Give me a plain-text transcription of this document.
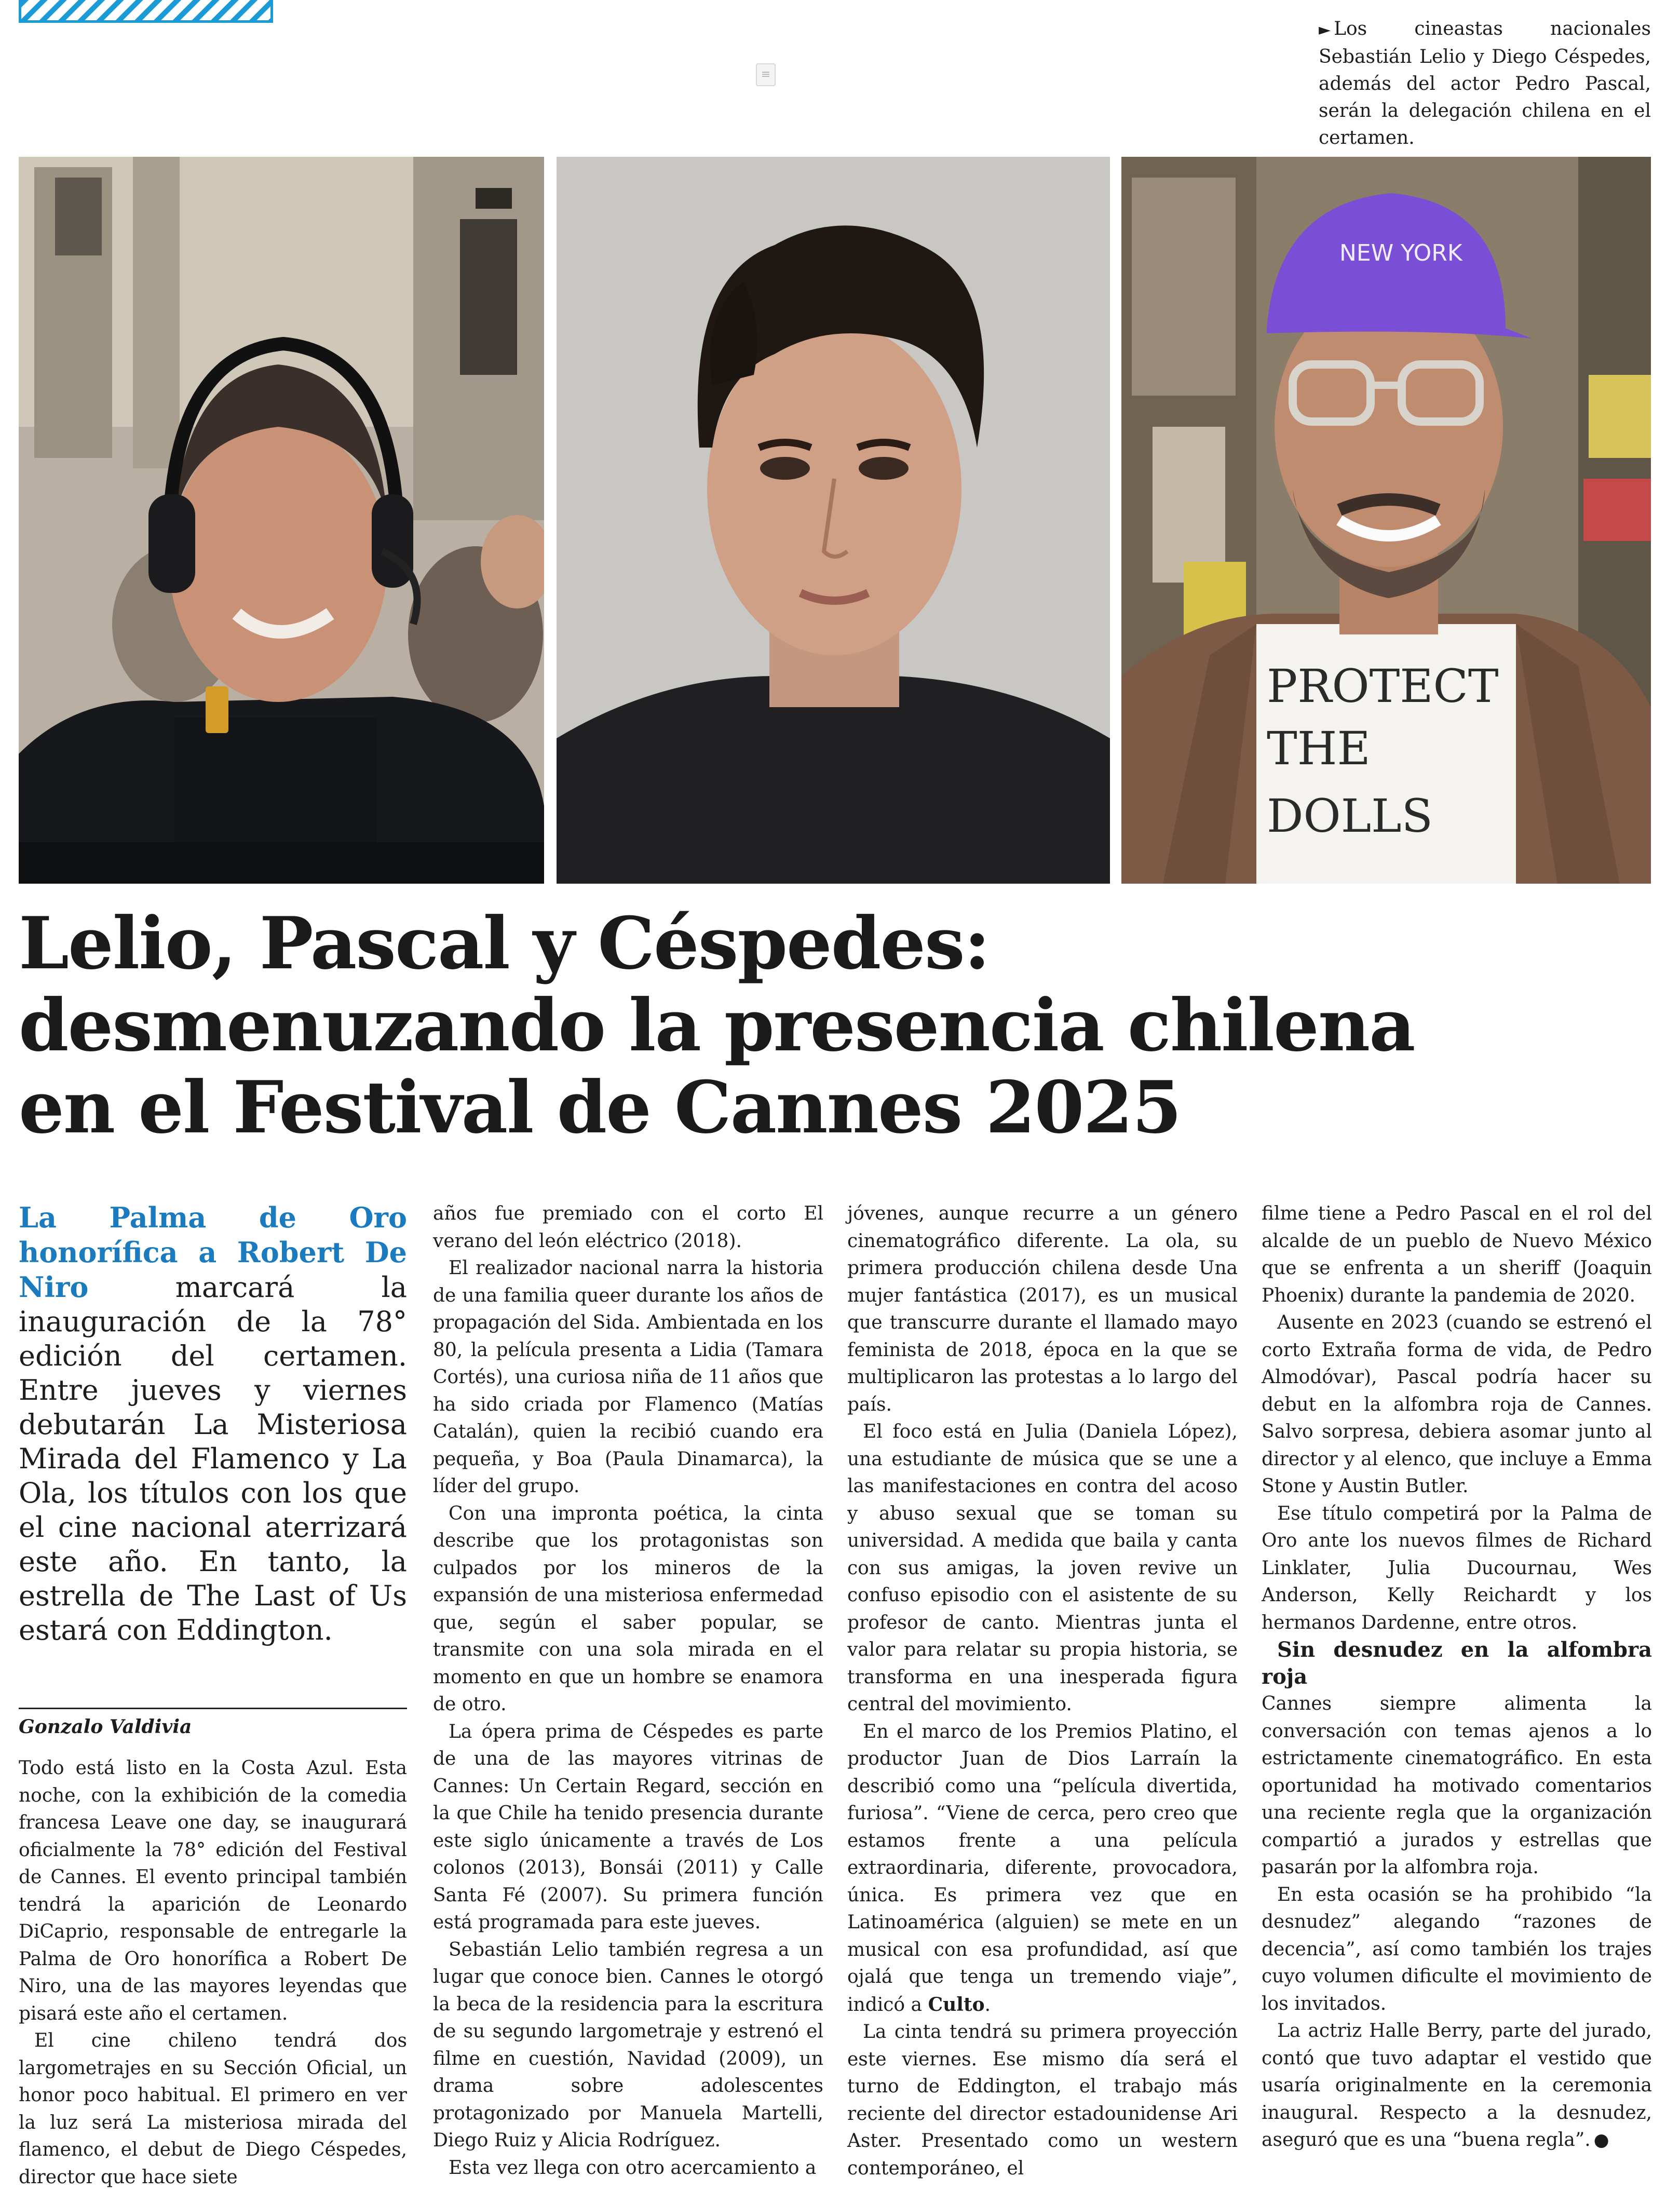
≡
► Los cineastas nacionales Sebastián Lelio y Diego Céspedes, además del actor Pedro Pascal, serán la delegación chilena en el certamen.
PROTECT
THE
DOLLS
NEW YORK
Lelio, Pascal y Céspedes:
desmenuzando la presencia chilena
en el Festival de Cannes 2025

La Palma de Oro honorífica a Robert De Niro marcará la inauguración de la 78° edición del certamen. Entre jueves y viernes debutarán La Misteriosa Mirada del Flamenco y La Ola, los títulos con los que el cine nacional aterrizará este año. En tanto, la estrella de The Last of Us estará con Eddington.

Gonzalo Valdivia

Todo está listo en la Costa Azul. Esta noche, con la exhibición de la comedia francesa Leave one day, se inaugurará oficialmente la 78° edición del Festival de Cannes. El evento principal también tendrá la aparición de Leonardo DiCaprio, responsable de entregarle la Palma de Oro honorífica a Robert De Niro, una de las mayores leyendas que pisará este año el certamen.

El cine chileno tendrá dos largometrajes en su Sección Oficial, un honor poco habitual. El primero en ver la luz será La misteriosa mirada del flamenco, el debut de Diego Céspedes, director que hace siete

años fue premiado con el corto El verano del león eléctrico (2018).

El realizador nacional narra la historia de una familia queer durante los años de propagación del Sida. Ambientada en los 80, la película presenta a Lidia (Tamara Cortés), una curiosa niña de 11 años que ha sido criada por Flamenco (Matías Catalán), quien la recibió cuando era pequeña, y Boa (Paula Dinamarca), la líder del grupo.

Con una impronta poética, la cinta describe que los protagonistas son culpados por los mineros de la expansión de una misteriosa enfermedad que, según el saber popular, se transmite con una sola mirada en el momento en que un hombre se enamora de otro.

La ópera prima de Céspedes es parte de una de las mayores vitrinas de Cannes: Un Certain Regard, sección en la que Chile ha tenido presencia durante este siglo únicamente a través de Los colonos (2013), Bonsái (2011) y Calle Santa Fé (2007). Su primera función está programada para este jueves.

Sebastián Lelio también regresa a un lugar que conoce bien. Cannes le otorgó la beca de la residencia para la escritura de su segundo largometraje y estrenó el filme en cuestión, Navidad (2009), un drama sobre adolescentes protagonizado por Manuela Martelli, Diego Ruiz y Alicia Rodríguez.

Esta vez llega con otro acercamiento a

jóvenes, aunque recurre a un género cinematográfico diferente. La ola, su primera producción chilena desde Una mujer fantástica (2017), es un musical que transcurre durante el llamado mayo feminista de 2018, época en la que se multiplicaron las protestas a lo largo del país.

El foco está en Julia (Daniela López), una estudiante de música que se une a las manifestaciones en contra del acoso y abuso sexual que se toman su universidad. A medida que baila y canta con sus amigas, la joven revive un confuso episodio con el asistente de su profesor de canto. Mientras junta el valor para relatar su propia historia, se transforma en una inesperada figura central del movimiento.

En el marco de los Premios Platino, el productor Juan de Dios Larraín la describió como una “película divertida, furiosa”. “Viene de cerca, pero creo que estamos frente a una película extraordinaria, diferente, provocadora, única. Es primera vez que en Latinoamérica (alguien) se mete en un musical con esa profundidad, así que ojalá que tenga un tremendo viaje”, indicó a Culto.

La cinta tendrá su primera proyección este viernes. Ese mismo día será el turno de Eddington, el trabajo más reciente del director estadounidense Ari Aster. Presentado como un western contemporáneo, el

filme tiene a Pedro Pascal en el rol del alcalde de un pueblo de Nuevo México que se enfrenta a un sheriff (Joaquin Phoenix) durante la pandemia de 2020.

Ausente en 2023 (cuando se estrenó el corto Extraña forma de vida, de Pedro Almodóvar), Pascal podría hacer su debut en la alfombra roja de Cannes. Salvo sorpresa, debiera asomar junto al director y al elenco, que incluye a Emma Stone y Austin Butler.

Ese título competirá por la Palma de Oro ante los nuevos filmes de Richard Linklater, Julia Ducournau, Wes Anderson, Kelly Reichardt y los hermanos Dardenne, entre otros.

Sin desnudez en la alfombra roja

Cannes siempre alimenta la conversación con temas ajenos a lo estrictamente cinematográfico. En esta oportunidad ha motivado comentarios una reciente regla que la organización compartió a jurados y estrellas que pasarán por la alfombra roja.

En esta ocasión se ha prohibido “la desnudez” alegando “razones de decencia”, así como también los trajes cuyo volumen dificulte el movimiento de los invitados.

La actriz Halle Berry, parte del jurado, contó que tuvo adaptar el vestido que usaría originalmente en la ceremonia inaugural. Respecto a la desnudez, aseguró que es una “buena regla”. ●
